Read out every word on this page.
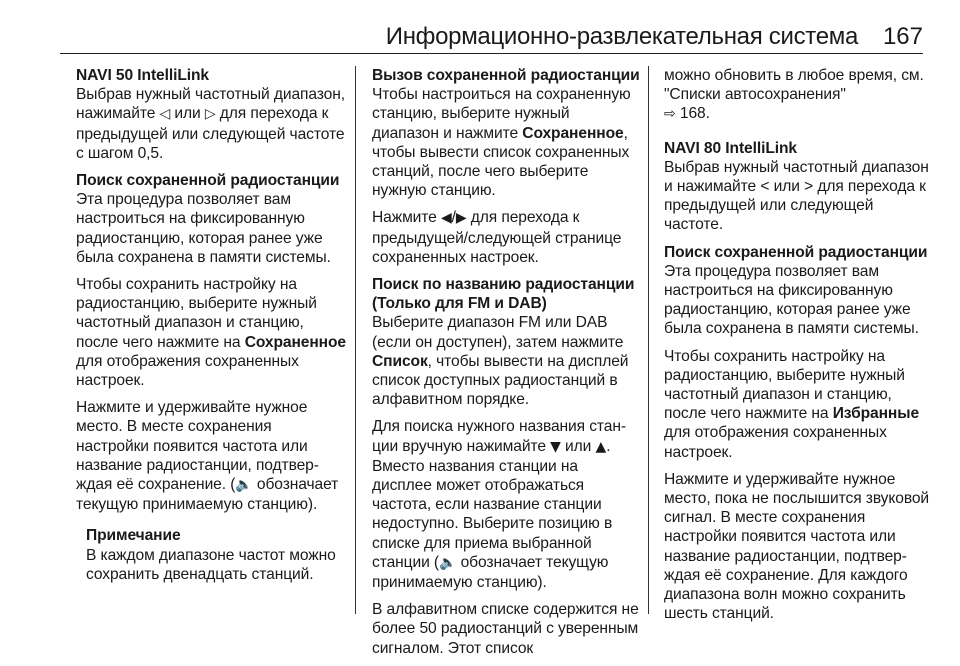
Информационно-развлекательная система 167

NAVI 50 IntelliLink

Выбрав нужный частотный диапазон, нажимайте ◁ или ▷ для перехода к предыдущей или следующей частоте с шагом 0,5.

Поиск сохраненной радиостанции

Эта процедура позволяет вам настроиться на фиксированную радиостанцию, которая ранее уже была сохранена в памяти системы.

Чтобы сохранить настройку на радиостанцию, выберите нужный частотный диапазон и станцию, после чего нажмите на Сохраненное для отображения сохраненных настроек.

Нажмите и удерживайте нужное место. В месте сохранения настройки появится частота или название радиостанции, подтверждая её сохранение. (🔈 обозначает текущую принимаемую станцию).

Примечание

В каждом диапазоне частот можно сохранить двенадцать станций.

Вызов сохраненной радиостанции

Чтобы настроиться на сохраненную станцию, выберите нужный диапазон и нажмите Сохраненное, чтобы вывести список сохраненных станций, после чего выберите нужную станцию.

Нажмите ◀/▶ для перехода к предыдущей/следующей странице сохраненных настроек.

Поиск по названию радиостанции (Только для FM и DAB)

Выберите диапазон FM или DAB (если он доступен), затем нажмите Список, чтобы вывести на дисплей список доступных радиостанций в алфавитном порядке.

Для поиска нужного названия станции вручную нажимайте ▼ или ▲. Вместо названия станции на дисплее может отображаться частота, если название станции недоступно. Выберите позицию в списке для приема выбранной станции (🔈 обозначает текущую принимаемую станцию).

В алфавитном списке содержится не более 50 радиостанций с уверенным сигналом. Этот список

можно обновить в любое время, см. "Списки автосохранения"
⇨ 168.

NAVI 80 IntelliLink

Выбрав нужный частотный диапазон и нажимайте < или > для перехода к предыдущей или следующей частоте.

Поиск сохраненной радиостанции

Эта процедура позволяет вам настроиться на фиксированную радиостанцию, которая ранее уже была сохранена в памяти системы.

Чтобы сохранить настройку на радиостанцию, выберите нужный частотный диапазон и станцию, после чего нажмите на Избранные для отображения сохраненных настроек.

Нажмите и удерживайте нужное место, пока не послышится звуковой сигнал. В месте сохранения настройки появится частота или название радиостанции, подтверждая её сохранение. Для каждого диапазона волн можно сохранить шесть станций.
